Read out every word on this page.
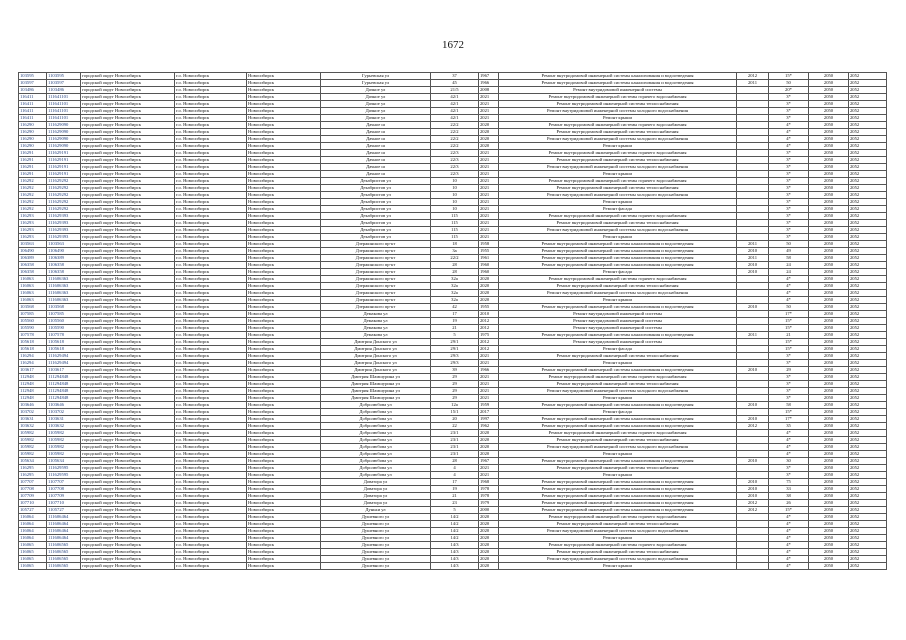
1672
103595	1103595	городской округ Новосибирск	г.о. Новосибирск	Новосибирск	Гурьевская ул	37	1967	Ремонт внутридомовой инженерной системы канализования и водоотведения	2012	15*	2050	2052
103597	1103597	городской округ Новосибирск	г.о. Новосибирск	Новосибирск	Гурьевская ул	45	1966	Ремонт внутридомовой инженерной системы канализования и водоотведения	2011	50	2050	2052
103486	1103486	городской округ Новосибирск	г.о. Новосибирск	Новосибирск	Дачное ул	21/5	2008	Ремонт внутридомовой инженерной системы		20*	2050	2052
116411	111641101	городской округ Новосибирск	г.о. Новосибирск	Новосибирск	Дачное ул	42/1	2021	Ремонт внутридомовой инженерной системы горячего водоснабжения		3*	2050	2052
116411	111641101	городской округ Новосибирск	г.о. Новосибирск	Новосибирск	Дачное ул	42/1	2021	Ремонт внутридомовой инженерной системы теплоснабжения		3*	2050	2052
116411	111641101	городской округ Новосибирск	г.о. Новосибирск	Новосибирск	Дачное ул	42/1	2021	Ремонт внутридомовой инженерной системы холодного водоснабжения		3*	2050	2052
116411	111641101	городской округ Новосибирск	г.о. Новосибирск	Новосибирск	Дачное ул	42/1	2021	Ремонт крыши		3*	2050	2052
116290	111629090	городской округ Новосибирск	г.о. Новосибирск	Новосибирск	Дачное ш	22/2	2020	Ремонт внутридомовой инженерной системы горячего водоснабжения		4*	2050	2052
116290	111629090	городской округ Новосибирск	г.о. Новосибирск	Новосибирск	Дачное ш	22/2	2020	Ремонт внутридомовой инженерной системы теплоснабжения		4*	2050	2052
116290	111629090	городской округ Новосибирск	г.о. Новосибирск	Новосибирск	Дачное ш	22/2	2020	Ремонт внутридомовой инженерной системы холодного водоснабжения		4*	2050	2052
116290	111629090	городской округ Новосибирск	г.о. Новосибирск	Новосибирск	Дачное ш	22/2	2020	Ремонт крыши		4*	2050	2052
116291	111629191	городской округ Новосибирск	г.о. Новосибирск	Новосибирск	Дачное ш	22/3	2021	Ремонт внутридомовой инженерной системы горячего водоснабжения		3*	2050	2052
116291	111629191	городской округ Новосибирск	г.о. Новосибирск	Новосибирск	Дачное ш	22/3	2021	Ремонт внутридомовой инженерной системы теплоснабжения		3*	2050	2052
116291	111629191	городской округ Новосибирск	г.о. Новосибирск	Новосибирск	Дачное ш	22/3	2021	Ремонт внутридомовой инженерной системы холодного водоснабжения		3*	2050	2052
116291	111629191	городской округ Новосибирск	г.о. Новосибирск	Новосибирск	Дачное ш	22/3	2021	Ремонт крыши		3*	2050	2052
116292	111629292	городской округ Новосибирск	г.о. Новосибирск	Новосибирск	Декабристов ул	10	2021	Ремонт внутридомовой инженерной системы горячего водоснабжения		3*	2050	2052
116292	111629292	городской округ Новосибирск	г.о. Новосибирск	Новосибирск	Декабристов ул	10	2021	Ремонт внутридомовой инженерной системы теплоснабжения		3*	2050	2052
116292	111629292	городской округ Новосибирск	г.о. Новосибирск	Новосибирск	Декабристов ул	10	2021	Ремонт внутридомовой инженерной системы холодного водоснабжения		3*	2050	2052
116292	111629292	городской округ Новосибирск	г.о. Новосибирск	Новосибирск	Декабристов ул	10	2021	Ремонт крыши		3*	2050	2052
116292	111629292	городской округ Новосибирск	г.о. Новосибирск	Новосибирск	Декабристов ул	10	2021	Ремонт фасада		3*	2050	2052
116293	111629393	городской округ Новосибирск	г.о. Новосибирск	Новосибирск	Декабристов ул	115	2021	Ремонт внутридомовой инженерной системы горячего водоснабжения		3*	2050	2052
116293	111629393	городской округ Новосибирск	г.о. Новосибирск	Новосибирск	Декабристов ул	115	2021	Ремонт внутридомовой инженерной системы теплоснабжения		3*	2050	2052
116293	111629393	городской округ Новосибирск	г.о. Новосибирск	Новосибирск	Декабристов ул	115	2021	Ремонт внутридомовой инженерной системы холодного водоснабжения		3*	2050	2052
116293	111629393	городской округ Новосибирск	г.о. Новосибирск	Новосибирск	Декабристов ул	115	2021	Ремонт крыши		3*	2050	2052
103563	1103563	городской округ Новосибирск	г.о. Новосибирск	Новосибирск	Дзержинского пр-кт	18	1958	Ремонт внутридомовой инженерной системы канализования и водоотведения	2011	50	2050	2052
106490	1106490	городской округ Новосибирск	г.о. Новосибирск	Новосибирск	Дзержинского пр-кт	3а	1955	Ремонт внутридомовой инженерной системы канализования и водоотведения	2010	49	2050	2052
106389	1106389	городской округ Новосибирск	г.о. Новосибирск	Новосибирск	Дзержинского пр-кт	22/2	1961	Ремонт внутридомовой инженерной системы канализования и водоотведения	2011	58	2050	2052
106358	1106358	городской округ Новосибирск	г.о. Новосибирск	Новосибирск	Дзержинского пр-кт	28	1960	Ремонт внутридомовой инженерной системы канализования и водоотведения	2010	24	2050	2052
106358	1106358	городской округ Новосибирск	г.о. Новосибирск	Новосибирск	Дзержинского пр-кт	28	1960	Ремонт фасада	2010	24	2050	2052
116063	111606363	городской округ Новосибирск	г.о. Новосибирск	Новосибирск	Дзержинского пр-кт	32а	2020	Ремонт внутридомовой инженерной системы горячего водоснабжения		4*	2050	2052
116063	111606363	городской округ Новосибирск	г.о. Новосибирск	Новосибирск	Дзержинского пр-кт	32а	2020	Ремонт внутридомовой инженерной системы теплоснабжения		4*	2050	2052
116063	111606363	городской округ Новосибирск	г.о. Новосибирск	Новосибирск	Дзержинского пр-кт	32а	2020	Ремонт внутридомовой инженерной системы холодного водоснабжения		4*	2050	2052
116063	111606363	городской округ Новосибирск	г.о. Новосибирск	Новосибирск	Дзержинского пр-кт	32а	2020	Ремонт крыши		4*	2050	2052
103568	1103568	городской округ Новосибирск	г.о. Новосибирск	Новосибирск	Дзержинского пр-кт	42	1955	Ремонт внутридомовой инженерной системы канализования и водоотведения	2010	50	2050	2052
107585	1107585	городской округ Новосибирск	г.о. Новосибирск	Новосибирск	Демакова ул	17	2010	Ремонт внутридомовой инженерной системы		17*	2050	2052
105560	1105560	городской округ Новосибирск	г.о. Новосибирск	Новосибирск	Демакова ул	19	2012	Ремонт внутридомовой инженерной системы		15*	2050	2052
105590	1105590	городской округ Новосибирск	г.о. Новосибирск	Новосибирск	Демакова ул	21	2012	Ремонт внутридомовой инженерной системы		15*	2050	2052
107578	1107578	городской округ Новосибирск	г.о. Новосибирск	Новосибирск	Демакова ул	5	1975	Ремонт внутридомовой инженерной системы канализования и водоотведения	2011	21	2050	2052
105618	1105618	городской округ Новосибирск	г.о. Новосибирск	Новосибирск	Дмитрия Донского ул	29/1	2012	Ремонт внутридомовой инженерной системы		15*	2050	2052
105618	1105618	городской округ Новосибирск	г.о. Новосибирск	Новосибирск	Дмитрия Донского ул	29/1	2012	Ремонт фасада		15*	2050	2052
116294	111629494	городской округ Новосибирск	г.о. Новосибирск	Новосибирск	Дмитрия Донского ул	29/3	2021	Ремонт внутридомовой инженерной системы теплоснабжения		3*	2050	2052
116294	111629494	городской округ Новосибирск	г.о. Новосибирск	Новосибирск	Дмитрия Донского ул	29/3	2021	Ремонт крыши		3*	2050	2052
103617	1103617	городской округ Новосибирск	г.о. Новосибирск	Новосибирск	Дмитрия Донского ул	39	1966	Ремонт внутридомовой инженерной системы канализования и водоотведения	2010	29	2050	2052
112948	111294848	городской округ Новосибирск	г.о. Новосибирск	Новосибирск	Дмитрия Шамшурина ул	29	2021	Ремонт внутридомовой инженерной системы горячего водоснабжения		3*	2050	2052
112948	111294848	городской округ Новосибирск	г.о. Новосибирск	Новосибирск	Дмитрия Шамшурина ул	29	2021	Ремонт внутридомовой инженерной системы теплоснабжения		3*	2050	2052
112948	111294848	городской округ Новосибирск	г.о. Новосибирск	Новосибирск	Дмитрия Шамшурина ул	29	2021	Ремонт внутридомовой инженерной системы холодного водоснабжения		3*	2050	2052
112948	111294848	городской округ Новосибирск	г.о. Новосибирск	Новосибирск	Дмитрия Шамшурина ул	29	2021	Ремонт крыши		3*	2050	2052
103646	1103646	городской округ Новосибирск	г.о. Новосибирск	Новосибирск	Добролюбова ул	12а	1959	Ремонт внутридомовой инженерной системы канализования и водоотведения	2010	58	2050	2052
103702	1103702	городской округ Новосибирск	г.о. Новосибирск	Новосибирск	Добролюбова ул	15/1	2017	Ремонт фасада		15*	2050	2052
103631	1103631	городской округ Новосибирск	г.о. Новосибирск	Новосибирск	Добролюбова ул	20	1997	Ремонт внутридомовой инженерной системы канализования и водоотведения	2010	17*	2050	2052
103632	1103632	городской округ Новосибирск	г.о. Новосибирск	Новосибирск	Добролюбова ул	22	1962	Ремонт внутридомовой инженерной системы канализования и водоотведения	2012	35	2050	2052
105982	1105982	городской округ Новосибирск	г.о. Новосибирск	Новосибирск	Добролюбова ул	23/1	2020	Ремонт внутридомовой инженерной системы горячего водоснабжения		4*	2050	2052
105982	1105982	городской округ Новосибирск	г.о. Новосибирск	Новосибирск	Добролюбова ул	23/1	2020	Ремонт внутридомовой инженерной системы теплоснабжения		4*	2050	2052
105982	1105982	городской округ Новосибирск	г.о. Новосибирск	Новосибирск	Добролюбова ул	23/1	2020	Ремонт внутридомовой инженерной системы холодного водоснабжения		4*	2050	2052
105982	1105982	городской округ Новосибирск	г.о. Новосибирск	Новосибирск	Добролюбова ул	23/1	2020	Ремонт крыши		4*	2050	2052
105634	1105634	городской округ Новосибирск	г.о. Новосибирск	Новосибирск	Добролюбова ул	28	1967	Ремонт внутридомовой инженерной системы канализования и водоотведения	2010	30	2050	2052
116295	111629595	городской округ Новосибирск	г.о. Новосибирск	Новосибирск	Добролюбова ул	4	2021	Ремонт внутридомовой инженерной системы теплоснабжения		3*	2050	2052
116295	111629595	городской округ Новосибирск	г.о. Новосибирск	Новосибирск	Добролюбова ул	4	2021	Ремонт крыши		3*	2050	2052
107707	1107707	городской округ Новосибирск	г.о. Новосибирск	Новосибирск	Доватора ул	17	1968	Ремонт внутридомовой инженерной системы канализования и водоотведения	2010	75	2050	2052
107708	1107708	городской округ Новосибирск	г.о. Новосибирск	Новосибирск	Доватора ул	19	1978	Ремонт внутридомовой инженерной системы канализования и водоотведения	2010	33	2050	2052
107709	1107709	городской округ Новосибирск	г.о. Новосибирск	Новосибирск	Доватора ул	21	1978	Ремонт внутридомовой инженерной системы канализования и водоотведения	2010	38	2050	2052
107710	1107710	городской округ Новосибирск	г.о. Новосибирск	Новосибирск	Доватора ул	23	1979	Ремонт внутридомовой инженерной системы канализования и водоотведения	2012	26	2050	2052
105727	1105727	городской округ Новосибирск	г.о. Новосибирск	Новосибирск	Дуньки ул	5	2000	Ремонт внутридомовой инженерной системы канализования и водоотведения	2012	15*	2050	2052
116064	111606464	городской округ Новосибирск	г.о. Новосибирск	Новосибирск	Душевного ул	14/2	2020	Ремонт внутридомовой инженерной системы горячего водоснабжения		4*	2050	2052
116064	111606464	городской округ Новосибирск	г.о. Новосибирск	Новосибирск	Душевного ул	14/2	2020	Ремонт внутридомовой инженерной системы теплоснабжения		4*	2050	2052
116064	111606464	городской округ Новосибирск	г.о. Новосибирск	Новосибирск	Душевного ул	14/2	2020	Ремонт внутридомовой инженерной системы холодного водоснабжения		4*	2050	2052
116064	111606464	городской округ Новосибирск	г.о. Новосибирск	Новосибирск	Душевного ул	14/2	2020	Ремонт крыши		4*	2050	2052
116065	111606565	городской округ Новосибирск	г.о. Новосибирск	Новосибирск	Душевного ул	14/3	2020	Ремонт внутридомовой инженерной системы горячего водоснабжения		4*	2050	2052
116065	111606565	городской округ Новосибирск	г.о. Новосибирск	Новосибирск	Душевного ул	14/3	2020	Ремонт внутридомовой инженерной системы теплоснабжения		4*	2050	2052
116065	111606565	городской округ Новосибирск	г.о. Новосибирск	Новосибирск	Душевного ул	14/3	2020	Ремонт внутридомовой инженерной системы холодного водоснабжения		4*	2050	2052
116065	111606565	городской округ Новосибирск	г.о. Новосибирск	Новосибирск	Душевного ул	14/3	2020	Ремонт крыши		4*	2050	2052
